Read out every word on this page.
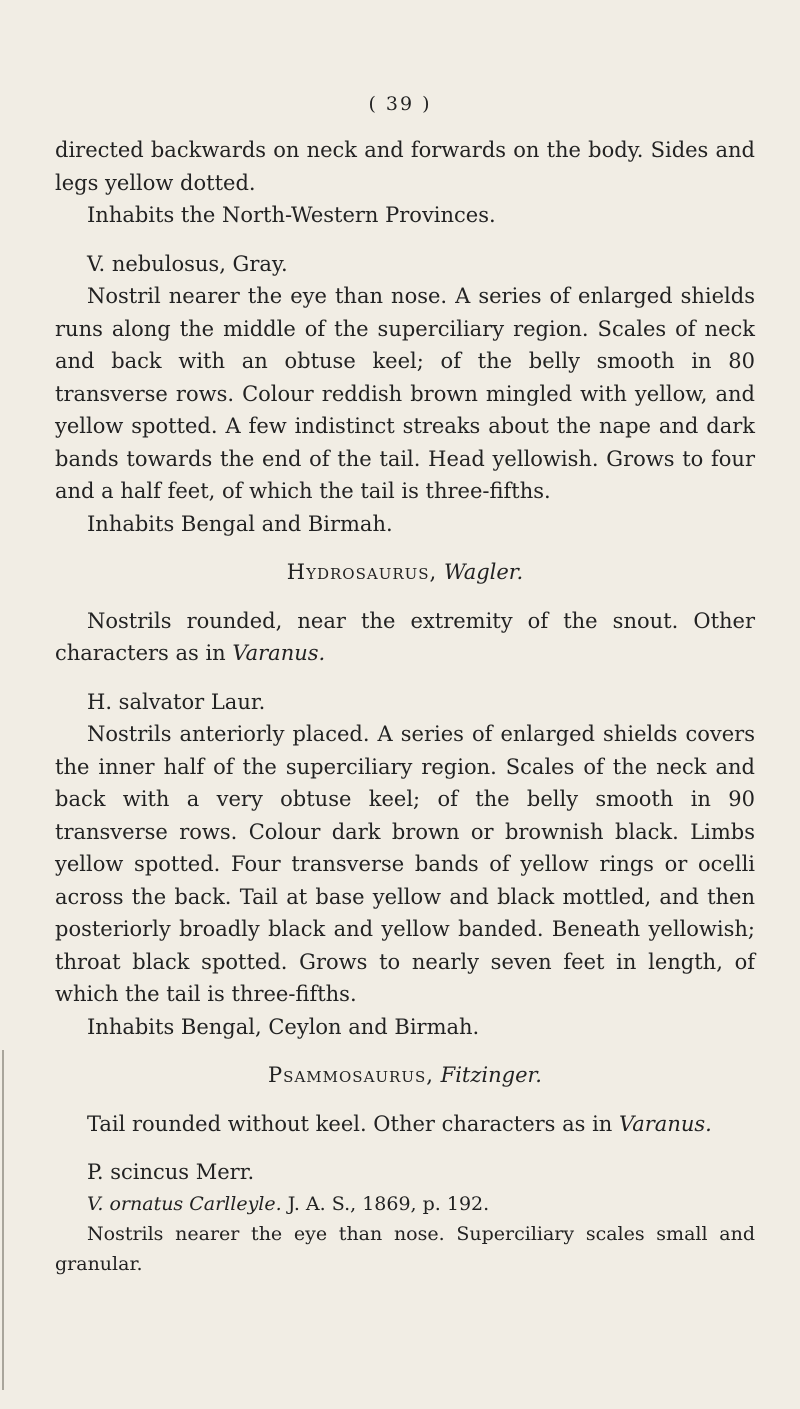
( 39 )

directed backwards on neck and forwards on the body. Sides and legs yellow dotted.

Inhabits the North-Western Provinces.

V. nebulosus, Gray.

Nostril nearer the eye than nose. A series of enlarged shields runs along the middle of the superciliary region. Scales of neck and back with an obtuse keel; of the belly smooth in 80 transverse rows. Colour reddish brown mingled with yellow, and yellow spotted. A few indistinct streaks about the nape and dark bands towards the end of the tail. Head yellowish. Grows to four and a half feet, of which the tail is three-fifths.

Inhabits Bengal and Birmah.

Hydrosaurus, Wagler.

Nostrils rounded, near the extremity of the snout. Other characters as in Varanus.

H. salvator Laur.

Nostrils anteriorly placed. A series of enlarged shields covers the inner half of the superciliary region. Scales of the neck and back with a very obtuse keel; of the belly smooth in 90 transverse rows. Colour dark brown or brownish black. Limbs yellow spotted. Four transverse bands of yellow rings or ocelli across the back. Tail at base yellow and black mottled, and then posteriorly broadly black and yellow banded. Beneath yellowish; throat black spotted. Grows to nearly seven feet in length, of which the tail is three-fifths.

Inhabits Bengal, Ceylon and Birmah.

Psammosaurus, Fitzinger.

Tail rounded without keel. Other characters as in Varanus.

P. scincus Merr.

V. ornatus Carlleyle. J. A. S., 1869, p. 192.

Nostrils nearer the eye than nose. Superciliary scales small and granular.
